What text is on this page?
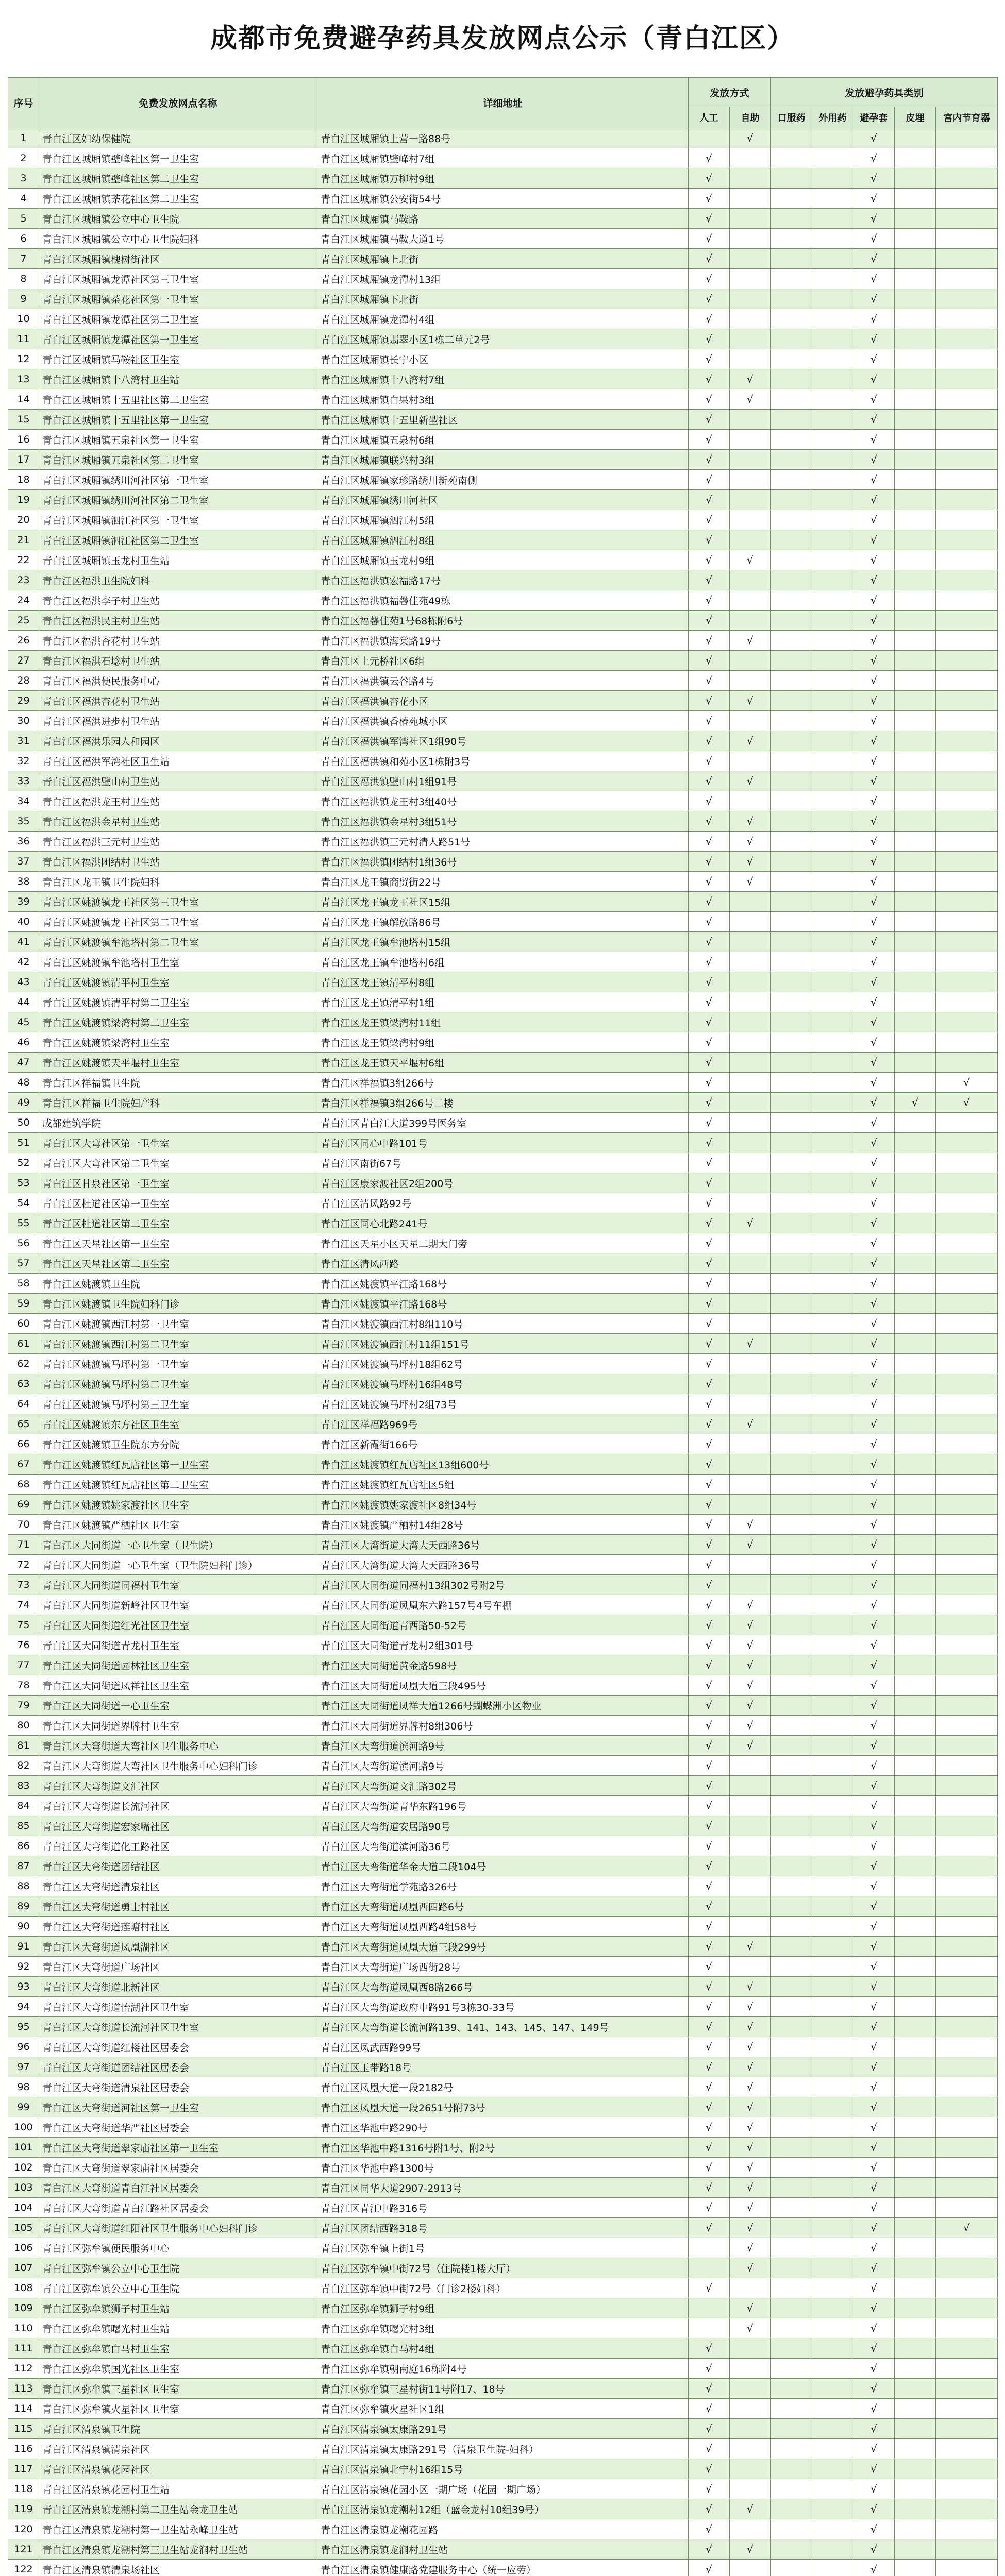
成都市免费避孕药具发放网点公示（青白江区）
序号	免费发放网点名称	详细地址	发放方式		发放避孕药具类别				
			人工	自助	口服药	外用药	避孕套	皮埋	宫内节育器
1	青白江区妇幼保健院	青白江区城厢镇上营一路88号		√			√		
2	青白江区城厢镇壁峰社区第一卫生室	青白江区城厢镇壁峰村7组	√				√		
3	青白江区城厢镇壁峰社区第二卫生室	青白江区城厢镇万柳村9组	√				√		
4	青白江区城厢镇荼花社区第二卫生室	青白江区城厢镇公安街54号	√				√		
5	青白江区城厢镇公立中心卫生院	青白江区城厢镇马鞍路	√				√		
6	青白江区城厢镇公立中心卫生院妇科	青白江区城厢镇马鞍大道1号	√				√		
7	青白江区城厢镇槐树街社区	青白江区城厢镇上北街	√				√		
8	青白江区城厢镇龙潭社区第三卫生室	青白江区城厢镇龙潭村13组	√				√		
9	青白江区城厢镇荼花社区第一卫生室	青白江区城厢镇下北街	√				√		
10	青白江区城厢镇龙潭社区第二卫生室	青白江区城厢镇龙潭村4组	√				√		
11	青白江区城厢镇龙潭社区第一卫生室	青白江区城厢镇翡翠小区1栋二单元2号	√				√		
12	青白江区城厢镇马鞍社区卫生室	青白江区城厢镇长宁小区	√				√		
13	青白江区城厢镇十八湾村卫生站	青白江区城厢镇十八湾村7组	√	√			√		
14	青白江区城厢镇十五里社区第二卫生室	青白江区城厢镇白果村3组	√	√			√		
15	青白江区城厢镇十五里社区第一卫生室	青白江区城厢镇十五里新型社区	√				√		
16	青白江区城厢镇五泉社区第一卫生室	青白江区城厢镇五泉村6组	√				√		
17	青白江区城厢镇五泉社区第二卫生室	青白江区城厢镇联兴村3组	√				√		
18	青白江区城厢镇绣川河社区第一卫生室	青白江区城厢镇家珍路绣川新苑南侧	√				√		
19	青白江区城厢镇绣川河社区第二卫生室	青白江区城厢镇绣川河社区	√				√		
20	青白江区城厢镇泗江社区第一卫生室	青白江区城厢镇泗江村5组	√				√		
21	青白江区城厢镇泗江社区第二卫生室	青白江区城厢镇泗江村8组	√				√		
22	青白江区城厢镇玉龙村卫生站	青白江区城厢镇玉龙村9组	√	√			√		
23	青白江区福洪卫生院妇科	青白江区福洪镇宏福路17号	√				√		
24	青白江区福洪李子村卫生站	青白江区福洪镇福馨佳苑49栋	√				√		
25	青白江区福洪民主村卫生站	青白江区福馨佳苑1号68栋附6号	√				√		
26	青白江区福洪杏花村卫生站	青白江区福洪镇海棠路19号	√	√			√		
27	青白江区福洪石埝村卫生站	青白江区上元桥社区6组	√				√		
28	青白江区福洪便民服务中心	青白江区福洪镇云谷路4号	√				√		
29	青白江区福洪杏花村卫生站	青白江区福洪镇杏花小区	√	√			√		
30	青白江区福洪进步村卫生站	青白江区福洪镇香椿苑城小区	√				√		
31	青白江区福洪乐园人和园区	青白江区福洪镇军湾社区1组90号	√	√			√		
32	青白江区福洪军湾社区卫生站	青白江区福洪镇和苑小区1栋附3号	√				√		
33	青白江区福洪壁山村卫生站	青白江区福洪镇壁山村1组91号	√	√			√		
34	青白江区福洪龙王村卫生站	青白江区福洪镇龙王村3组40号	√				√		
35	青白江区福洪金星村卫生站	青白江区福洪镇金星村3组51号	√	√			√		
36	青白江区福洪三元村卫生站	青白江区福洪镇三元村清人路51号	√	√			√		
37	青白江区福洪团结村卫生站	青白江区福洪镇团结村1组36号	√	√			√		
38	青白江区龙王镇卫生院妇科	青白江区龙王镇商贸街22号	√	√			√		
39	青白江区姚渡镇龙王社区第三卫生室	青白江区龙王镇龙王社区15组	√				√		
40	青白江区姚渡镇龙王社区第二卫生室	青白江区龙王镇解放路86号	√				√		
41	青白江区姚渡镇牟池塔村第二卫生室	青白江区龙王镇牟池塔村15组	√				√		
42	青白江区姚渡镇牟池塔村卫生室	青白江区龙王镇牟池塔村6组	√				√		
43	青白江区姚渡镇清平村卫生室	青白江区龙王镇清平村8组	√				√		
44	青白江区姚渡镇清平村第二卫生室	青白江区龙王镇清平村1组	√				√		
45	青白江区姚渡镇梁湾村第二卫生室	青白江区龙王镇梁湾村11组	√				√		
46	青白江区姚渡镇梁湾村卫生室	青白江区龙王镇梁湾村9组	√				√		
47	青白江区姚渡镇天平堰村卫生室	青白江区龙王镇天平堰村6组	√				√		
48	青白江区祥福镇卫生院	青白江区祥福镇3组266号	√				√		√
49	青白江区祥福卫生院妇产科	青白江区祥福镇3组266号二楼	√				√	√	√
50	成都建筑学院	青白江区青白江大道399号医务室	√				√		
51	青白江区大弯社区第一卫生室	青白江区同心中路101号	√				√		
52	青白江区大弯社区第二卫生室	青白江区南街67号	√				√		
53	青白江区甘泉社区第一卫生室	青白江区康家渡社区2组200号	√				√		
54	青白江区杜道社区第一卫生室	青白江区清风路92号	√				√		
55	青白江区杜道社区第二卫生室	青白江区同心北路241号	√	√			√		
56	青白江区天星社区第一卫生室	青白江区天星小区天星二期大门旁	√				√		
57	青白江区天星社区第二卫生室	青白江区清风西路	√				√		
58	青白江区姚渡镇卫生院	青白江区姚渡镇平江路168号	√				√		
59	青白江区姚渡镇卫生院妇科门诊	青白江区姚渡镇平江路168号	√				√		
60	青白江区姚渡镇西江村第一卫生室	青白江区姚渡镇西江村8组110号	√				√		
61	青白江区姚渡镇西江村第二卫生室	青白江区姚渡镇西江村11组151号	√	√			√		
62	青白江区姚渡镇马坪村第一卫生室	青白江区姚渡镇马坪村18组62号	√				√		
63	青白江区姚渡镇马坪村第二卫生室	青白江区姚渡镇马坪村16组48号	√				√		
64	青白江区姚渡镇马坪村第三卫生室	青白江区姚渡镇马坪村2组73号	√				√		
65	青白江区姚渡镇东方社区卫生室	青白江区祥福路969号	√	√			√		
66	青白江区姚渡镇卫生院东方分院	青白江区新霞街166号	√				√		
67	青白江区姚渡镇红瓦店社区第一卫生室	青白江区姚渡镇红瓦店社区13组600号	√				√		
68	青白江区姚渡镇红瓦店社区第二卫生室	青白江区姚渡镇红瓦店社区5组	√				√		
69	青白江区姚渡镇姚家渡社区卫生室	青白江区姚渡镇姚家渡社区8组34号	√				√		
70	青白江区姚渡镇严栖社区卫生室	青白江区姚渡镇严栖村14组28号	√	√			√		
71	青白江区大同街道一心卫生室（卫生院）	青白江区大湾街道大湾大天西路36号	√	√			√		
72	青白江区大同街道一心卫生室（卫生院妇科门诊）	青白江区大湾街道大湾大天西路36号	√				√		
73	青白江区大同街道同福村卫生室	青白江区大同街道同福村13组302号附2号	√				√		
74	青白江区大同街道新峰社区卫生室	青白江区大同街道凤凰东六路157号4号车棚	√	√			√		
75	青白江区大同街道红光社区卫生室	青白江区大同街道青西路50-52号	√	√			√		
76	青白江区大同街道青龙村卫生室	青白江区大同街道青龙村2组301号	√	√			√		
77	青白江区大同街道园林社区卫生室	青白江区大同街道黄金路598号	√	√			√		
78	青白江区大同街道凤祥社区卫生室	青白江区大同街道凤凰大道三段495号	√	√			√		
79	青白江区大同街道一心卫生室	青白江区大同街道凤祥大道1266号蝴蝶洲小区物业	√	√			√		
80	青白江区大同街道界牌村卫生室	青白江区大同街道界牌村8组306号	√	√			√		
81	青白江区大弯街道大弯社区卫生服务中心	青白江区大弯街道滨河路9号	√	√			√		
82	青白江区大弯街道大弯社区卫生服务中心妇科门诊	青白江区大弯街道滨河路9号	√				√		
83	青白江区大弯街道文汇社区	青白江区大弯街道文汇路302号	√				√		
84	青白江区大弯街道长流河社区	青白江区大弯街道青华东路196号	√				√		
85	青白江区大弯街道宏家嘴社区	青白江区大弯街道安居路90号	√				√		
86	青白江区大弯街道化工路社区	青白江区大弯街道滨河路36号	√				√		
87	青白江区大弯街道团结社区	青白江区大弯街道华金大道二段104号	√				√		
88	青白江区大弯街道清泉社区	青白江区大弯街道学苑路326号	√				√		
89	青白江区大弯街道勇士村社区	青白江区大弯街道凤凰西四路6号	√				√		
90	青白江区大弯街道莲塘村社区	青白江区大弯街道凤凰西路4组58号	√				√		
91	青白江区大弯街道凤凰湖社区	青白江区大弯街道凤凰大道三段299号	√	√			√		
92	青白江区大弯街道广场社区	青白江区大弯街道广场西街28号	√				√		
93	青白江区大弯街道北新社区	青白江区大弯街道凤凰西8路266号	√	√			√		
94	青白江区大弯街道怡湖社区卫生室	青白江区大弯街道政府中路91号3栋30-33号	√	√			√		
95	青白江区大弯街道长流河社区卫生室	青白江区大弯街道长流河路139、141、143、145、147、149号	√	√			√		
96	青白江区大弯街道红楼社区居委会	青白江区凤武西路99号	√	√			√		
97	青白江区大弯街道团结社区居委会	青白江区玉带路18号	√	√			√		
98	青白江区大弯街道清泉社区居委会	青白江区凤凰大道一段2182号	√	√			√		
99	青白江区大弯街道河社区第一卫生室	青白江区凤凰大道一段2651号附73号	√	√			√		
100	青白江区大弯街道华严社区居委会	青白江区华池中路290号	√	√			√		
101	青白江区大弯街道翠家庙社区第一卫生室	青白江区华池中路1316号附1号、附2号	√	√			√		
102	青白江区大弯街道翠家庙社区居委会	青白江区华池中路1300号	√	√			√		
103	青白江区大弯街道青白江社区居委会	青白江区同华大道2907-2913号	√	√			√		
104	青白江区大弯街道青白江路社区居委会	青白江区青江中路316号	√	√			√		
105	青白江区大弯街道红阳社区卫生服务中心妇科门诊	青白江区团结西路318号	√	√			√		√
106	青白江区弥牟镇便民服务中心	青白江区弥牟镇上街1号		√			√		
107	青白江区弥牟镇公立中心卫生院	青白江区弥牟镇中街72号（住院楼1楼大厅）		√			√		
108	青白江区弥牟镇公立中心卫生院	青白江区弥牟镇中街72号（门诊2楼妇科）	√				√		
109	青白江区弥牟镇狮子村卫生站	青白江区弥牟镇狮子村9组		√			√		
110	青白江区弥牟镇曙光村卫生站	青白江区弥牟镇曙光村3组		√			√		
111	青白江区弥牟镇白马村卫生室	青白江区弥牟镇白马村4组	√				√		
112	青白江区弥牟镇国光社区卫生室	青白江区弥牟镇朝南庭16栋附4号	√				√		
113	青白江区弥牟镇三星社区卫生室	青白江区弥牟镇三星村街11号附17、18号	√				√		
114	青白江区弥牟镇火星社区卫生室	青白江区弥牟镇火星社区1组	√				√		
115	青白江区清泉镇卫生院	青白江区清泉镇太康路291号	√				√		
116	青白江区清泉镇清泉社区	青白江区清泉镇太康路291号（清泉卫生院-妇科）	√				√		
117	青白江区清泉镇花园社区	青白江区清泉镇北宁村16组15号	√				√		
118	青白江区清泉镇花园村卫生站	青白江区清泉镇花园小区一期广场（花园一期广场）	√				√		
119	青白江区清泉镇龙潮村第二卫生站金龙卫生站	青白江区清泉镇龙潮村12组（蓝金龙村10组39号）	√	√			√		
120	青白江区清泉镇龙潮村第一卫生站永峰卫生站	青白江区清泉镇龙潮花园路	√				√		
121	青白江区清泉镇龙潮村第三卫生站龙润村卫生站	青白江区清泉镇龙润村卫生站	√	√			√		
122	青白江区清泉镇清泉场社区	青白江区清泉镇健康路党建服务中心（统一应劳）	√				√		
